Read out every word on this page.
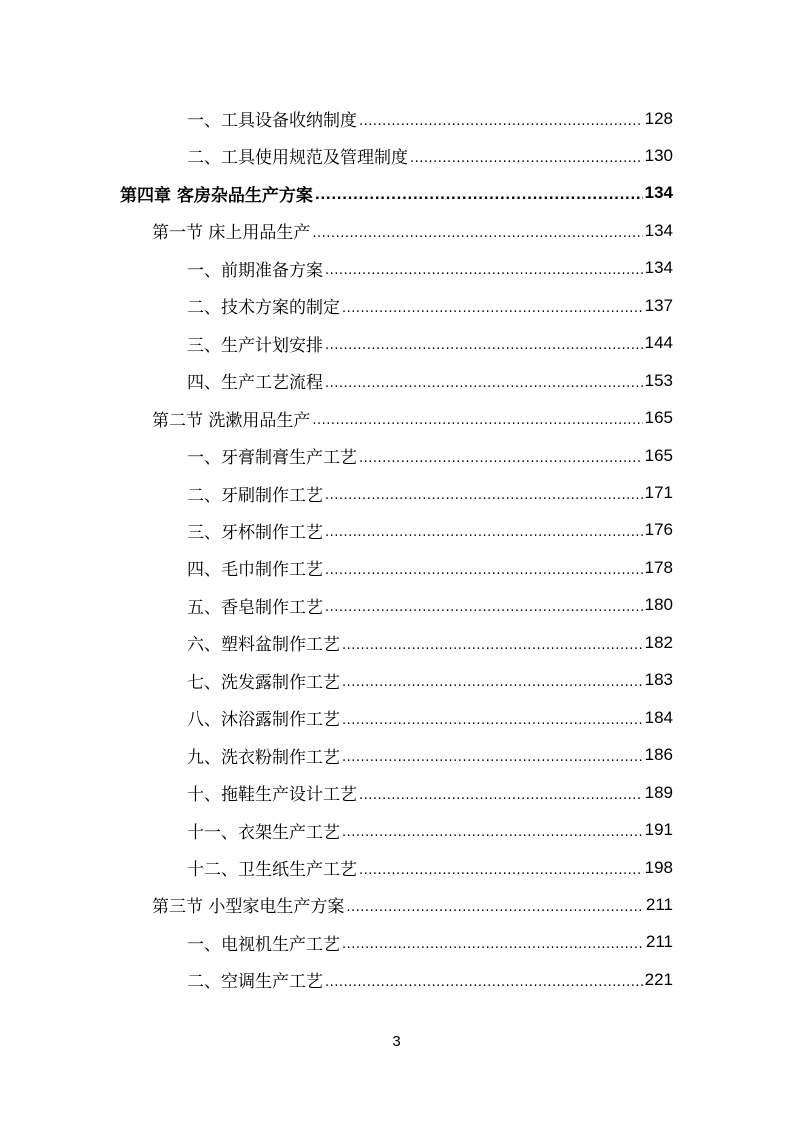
一、工具设备收纳制度 .....	128
二、工具使用规范及管理制度 .....	130
第四章 客房杂品生产方案 .....	134
第一节 床上用品生产 .....	134
一、前期准备方案 .....	134
二、技术方案的制定 .....	137
三、生产计划安排 .....	144
四、生产工艺流程 .....	153
第二节 洗漱用品生产 .....	165
一、牙膏制膏生产工艺 .....	165
二、牙刷制作工艺 .....	171
三、牙杯制作工艺 .....	176
四、毛巾制作工艺 .....	178
五、香皂制作工艺 .....	180
六、塑料盆制作工艺 .....	182
七、洗发露制作工艺 .....	183
八、沐浴露制作工艺 .....	184
九、洗衣粉制作工艺 .....	186
十、拖鞋生产设计工艺 .....	189
十一、衣架生产工艺 .....	191
十二、卫生纸生产工艺 .....	198
第三节 小型家电生产方案 .....	211
一、电视机生产工艺 .....	211
二、空调生产工艺 .....	221
3
